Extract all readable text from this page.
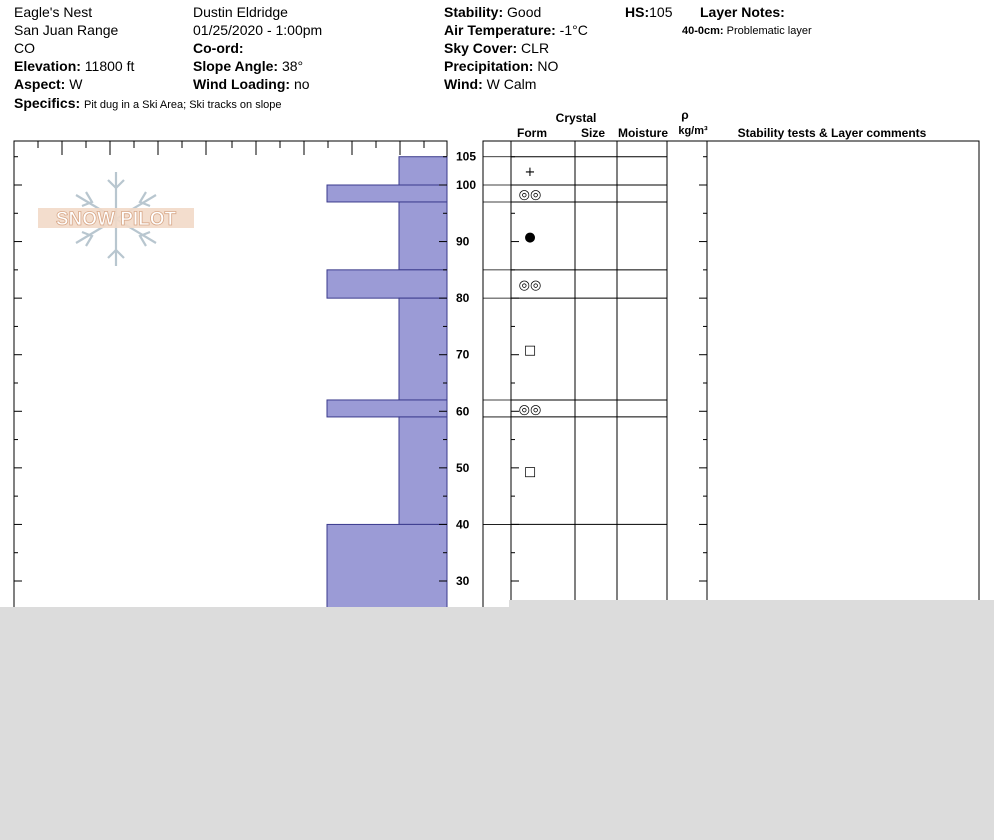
Eagle's Nest
San Juan Range
CO
Elevation: 11800 ft
Aspect: W
Specifics: Pit dug in a Ski Area; Ski tracks on slope
Dustin Eldridge
01/25/2020 - 1:00pm
Co-ord:
Slope Angle: 38°
Wind Loading: no
Stability: Good
Air Temperature: -1°C
Sky Cover: CLR
Precipitation: NO
Wind: W Calm
HS:105 Layer Notes:
40-0cm: Problematic layer
Crystal
Form	Size Moisture
ρ
kg/m³ Stability tests & Layer comments
105
100
90
80
70
60
50
40
30
+
◎◎
●
◎◎
□
◎◎
□
SNOW PILOT
